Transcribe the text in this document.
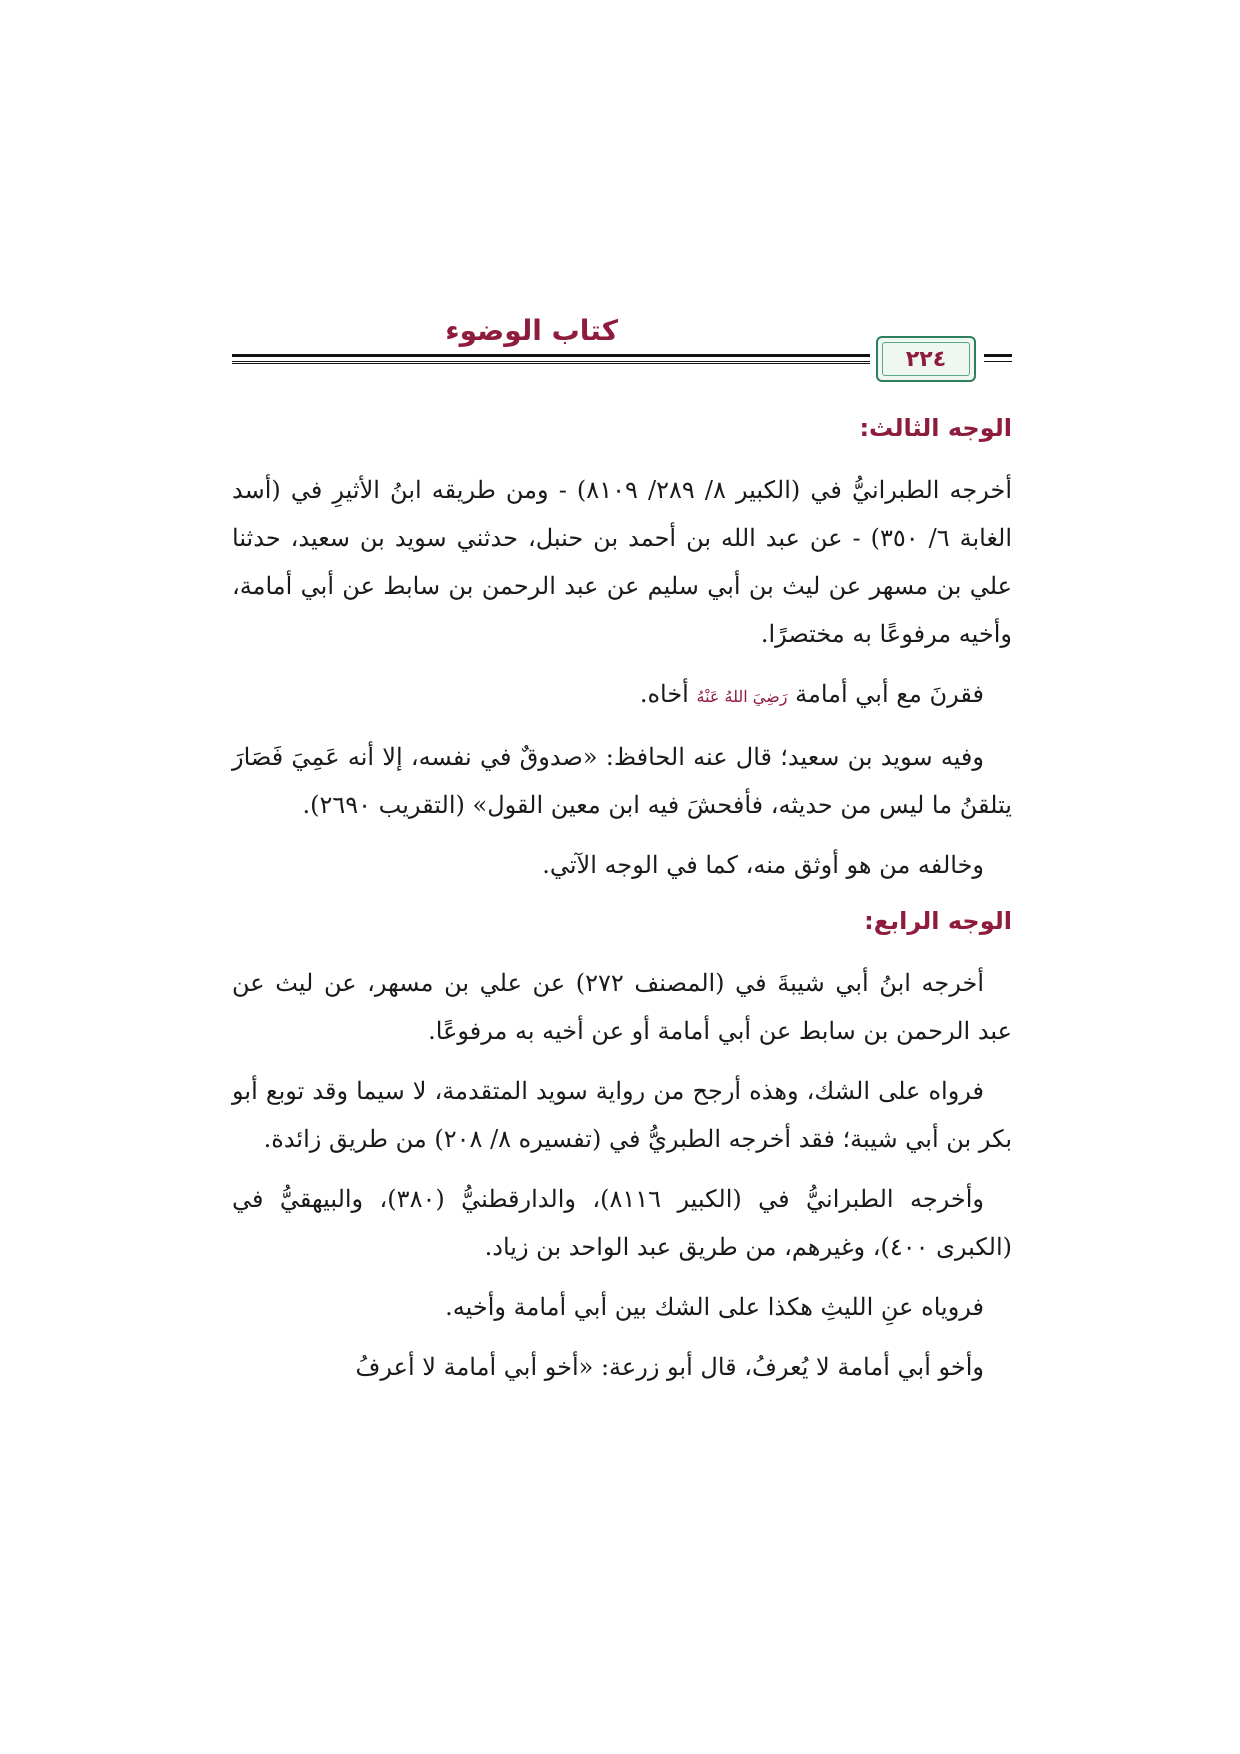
كتاب الوضوء
٢٢٤
الوجه الثالث:

أخرجه الطبرانيُّ في (الكبير ٨/ ٢٨٩/ ٨١٠٩) - ومن طريقه ابنُ الأثيرِ في (أسد الغابة ٦/ ٣٥٠) - عن عبد الله بن أحمد بن حنبل، حدثني سويد بن سعيد، حدثنا علي بن مسهر عن ليث بن أبي سليم عن عبد الرحمن بن سابط عن أبي أمامة، وأخيه مرفوعًا به مختصرًا.

فقرنَ مع أبي أمامة رَضِيَ اللهُ عَنْهُ أخاه.

وفيه سويد بن سعيد؛ قال عنه الحافظ: «صدوقٌ في نفسه، إلا أنه عَمِيَ فَصَارَ يتلقنُ ما ليس من حديثه، فأفحشَ فيه ابن معين القول» (التقريب ٢٦٩٠).

وخالفه من هو أوثق منه، كما في الوجه الآتي.

الوجه الرابع:

أخرجه ابنُ أبي شيبةَ في (المصنف ٢٧٢) عن علي بن مسهر، عن ليث عن عبد الرحمن بن سابط عن أبي أمامة أو عن أخيه به مرفوعًا.

فرواه على الشك، وهذه أرجح من رواية سويد المتقدمة، لا سيما وقد توبع أبو بكر بن أبي شيبة؛ فقد أخرجه الطبريُّ في (تفسيره ٨/ ٢٠٨) من طريق زائدة.

وأخرجه الطبرانيُّ في (الكبير ٨١١٦)، والدارقطنيُّ (٣٨٠)، والبيهقيُّ في (الكبرى ٤٠٠)، وغيرهم، من طريق عبد الواحد بن زياد.

فروياه عنِ الليثِ هكذا على الشك بين أبي أمامة وأخيه.

وأخو أبي أمامة لا يُعرفُ، قال أبو زرعة: «أخو أبي أمامة لا أعرفُ
